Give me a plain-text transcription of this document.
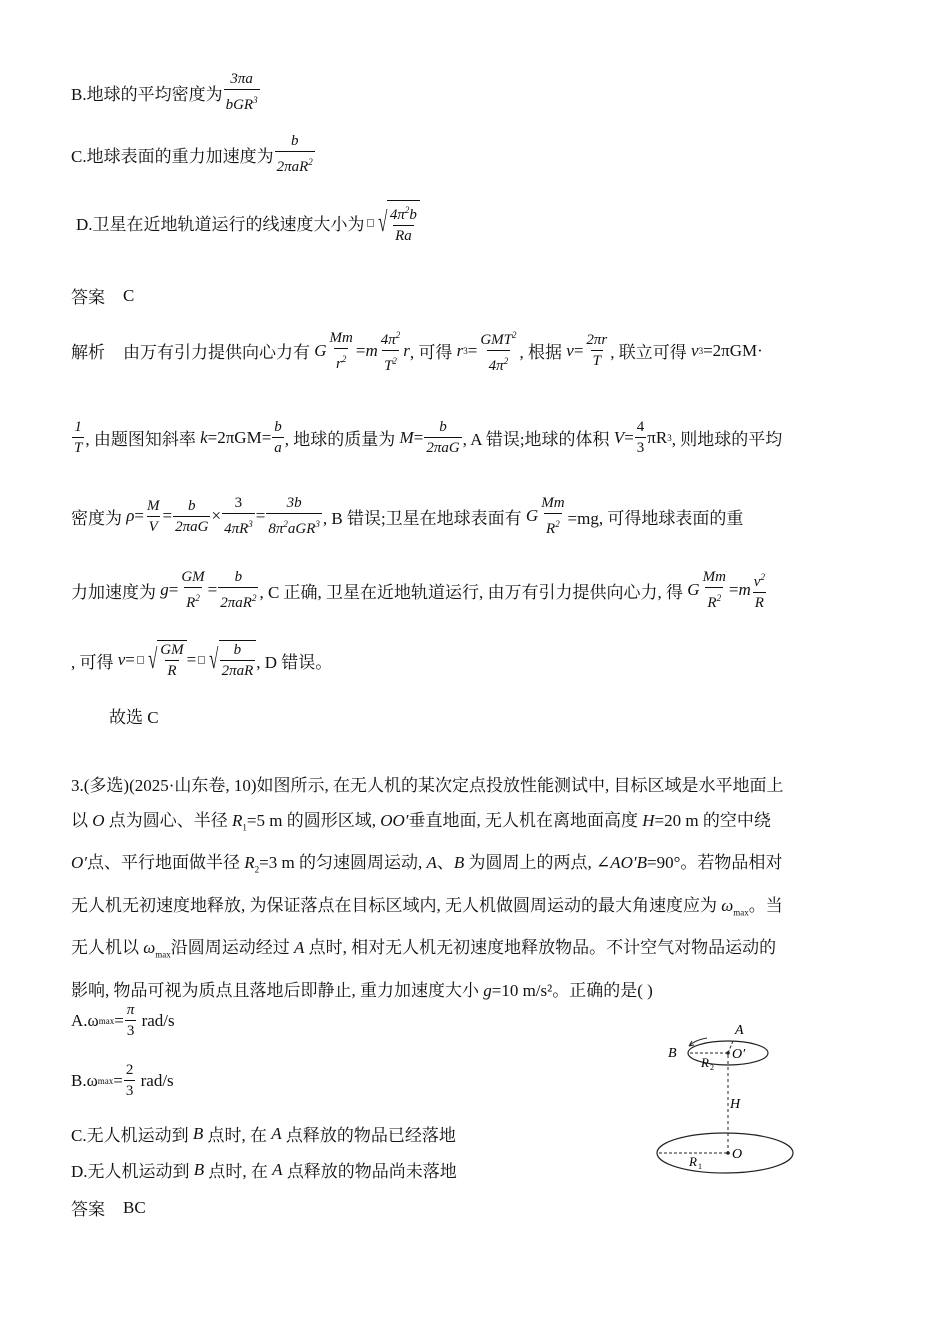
B.地球的平均密度为 $\frac{3\pi a}{bGR^3}$
C.地球表面的重力加速度为 $\frac{b}{2\pi aR^2}$
D.卫星在近地轨道运行的线速度大小为 √ $\frac{4\pi^2b}{Ra}$
答案 C
解析 由万有引力提供向心力有 G $\frac{Mm}{r^2} = m \frac{4\pi^2}{T^2}$ r , 可得
r $3 = \frac{GMT^2}{4\pi^2}$ , 根据
$v = \frac{2\pi r}{T}$ , 联立可得
v 3 =2πGM·
$\frac{1}{T}$ , 由题图知斜率
$k =2\pi GM= \frac{b}{a}$ , 地球的质量为
$M = \frac{b}{\text{2πaG}}$ , A 错误;地球的体积
$V = \frac{4}{3}$ πR 3 , 则地球的平均
密度为
$\rho = \frac{M}{V} = \frac{b}{\text{2πaG}} \times \frac{3}{4\pi R^3} = \frac{3b}{8\pi^2aGR^3}$ , B 错误;卫星在地球表面有
G $\frac{Mm}{R^2} =mg$, 可得地球表面的重
力加速度为
$g = \frac{GM}{R^2} = \frac{b}{2\pi aR^2}$ , C 正确, 卫星在近地轨道运行, 由万有引力提供向心力, 得
G $\frac{Mm}{R^2} = m \frac{v^2}{R}$
, 可得
v = √ $\frac{GM}{R}$ = √ $\frac{b}{\text{2πaR}}$ , D 错误。
故选 C
3.(多选)(2025·山东卷, 10)如图所示, 在无人机的某次定点投放性能测试中, 目标区域是水平地面上
以 O 点为圆心、半径 $R_1=5$ m 的圆形区域, OO′垂直地面, 无人机在离地面高度 H=20 m 的空中绕
O′点、平行地面做半径 $R_2=3$ m 的匀速圆周运动, A、B 为圆周上的两点, ∠AO′B=90°。若物品相对
无人机无初速度地释放, 为保证落点在目标区域内, 无人机做圆周运动的最大角速度应为 $\omega_{max}$。当
无人机以 $\omega_{max}$沿圆周运动经过 A 点时, 相对无人机无初速度地释放物品。不计空气对物品运动的
影响, 物品可视为质点且落地后即静止, 重力加速度大小 g=10 m/s²。正确的是( )
A.ω $\max = \frac{\pi}{3}$
rad/s
B.ω $\max = \frac{2}{3}$
rad/s
C.无人机运动到
B
点时, 在
A
点释放的物品已经落地
D.无人机运动到
B
点时, 在
A
点释放的物品尚未落地
答案 BC
A
B	O′
R 2
H
O
R 1
